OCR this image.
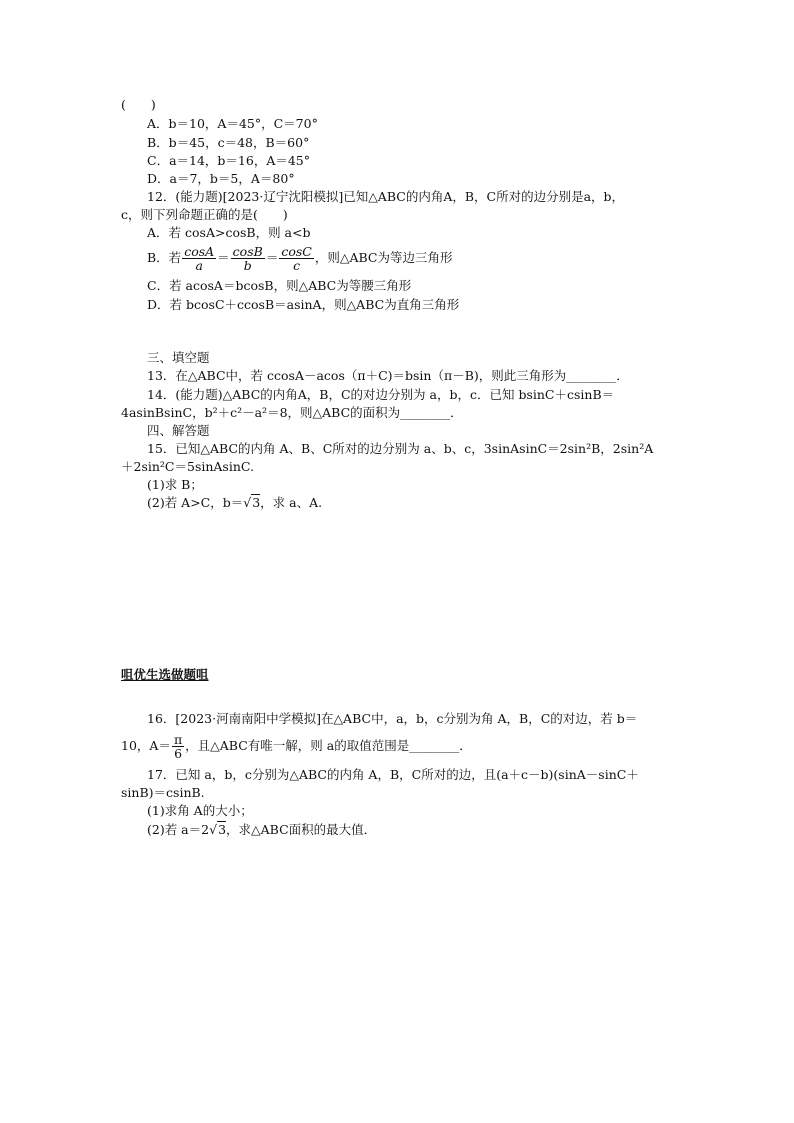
(　　)
A．b＝10，A＝45°，C＝70°
B．b＝45，c＝48，B＝60°
C．a＝14，b＝16，A＝45°
D．a＝7，b＝5，A＝80°
12．(能力题)[2023·辽宁沈阳模拟]已知△ABC的内角A，B，C所对的边分别是a，b，
c，则下列命题正确的是(　　)
A．若 cosA>cosB，则 a<b
B．若 $\frac{\cos A}{a} = \frac{\cos B}{b} = \frac{\cos C}{c}$ ，则△ABC为等边三角形
C．若 acosA＝bcosB，则△ABC为等腰三角形
D．若 bcosC＋ccosB＝asinA，则△ABC为直角三角形
三、填空题
13．在△ABC中，若 ccosA－acos（π＋C)＝bsin（π－B)，则此三角形为________．
14．(能力题)△ABC的内角A，B，C的对边分别为 a，b，c．已知 bsinC＋csinB＝
4asinBsinC，b²＋c²－a²＝8，则△ABC的面积为________．
四、解答题
15．已知△ABC的内角 A、B、C所对的边分别为 a、b、c，3sinAsinC＝2sin²B，2sin²A
＋2sin²C＝5sinAsinC.
(1)求 B；
(2)若 A>C，b＝√3，求 a、A.
咀优生选做题咀
16．[2023·河南南阳中学模拟]在△ABC中，a，b，c分别为角 A，B，C的对边，若 b＝
10，$A= \frac{\pi}{6}$ ，且△ABC有唯一解，则 a的取值范围是________．
17．已知 a，b，c分别为△ABC的内角 A，B，C所对的边，且(a＋c－b)(sinA－sinC＋
sinB)＝csinB.
(1)求角 A的大小；
(2)若 a＝2√3，求△ABC面积的最大值．
